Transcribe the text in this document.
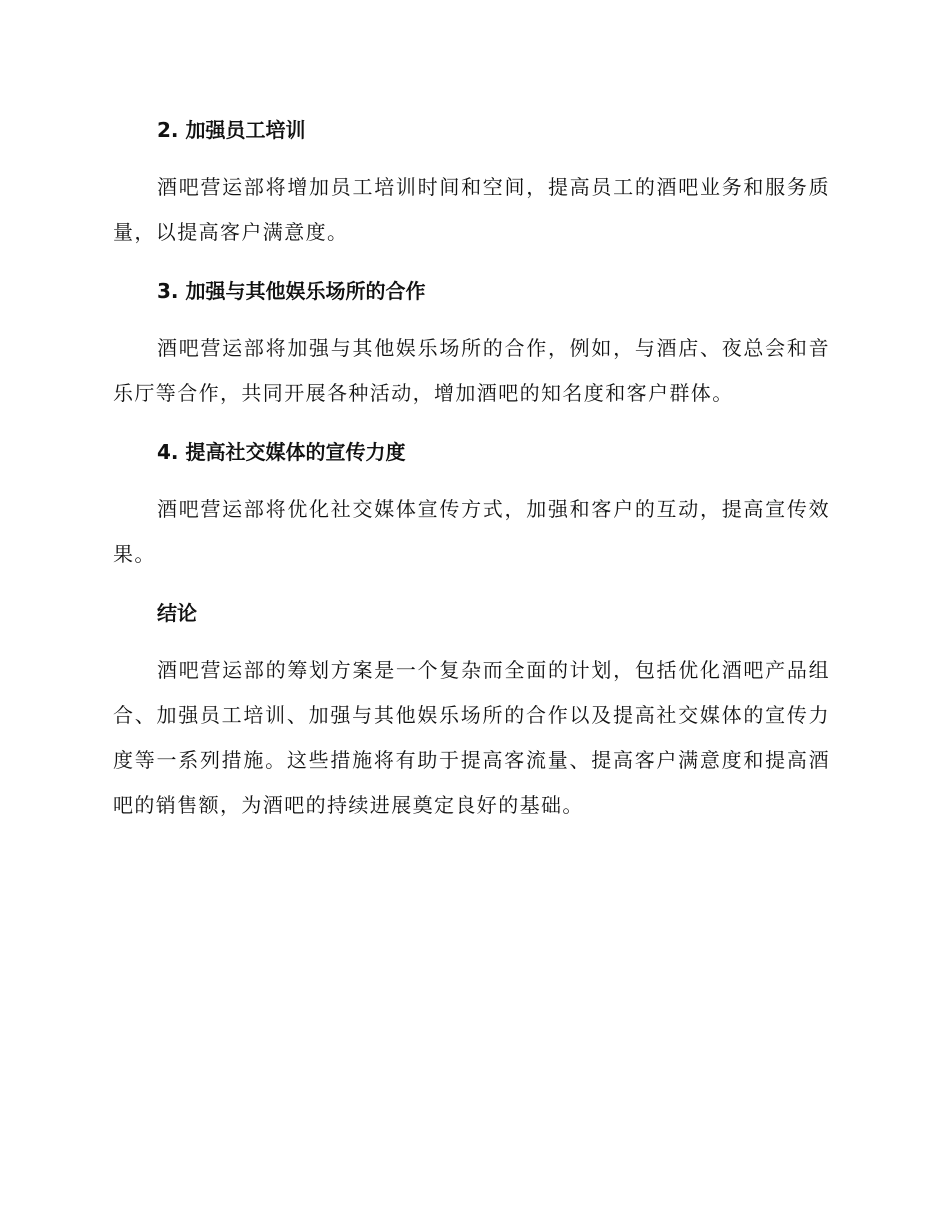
2. 加强员工培训

酒吧营运部将增加员工培训时间和空间，提高员工的酒吧业务和服务质量，以提高客户满意度。

3. 加强与其他娱乐场所的合作

酒吧营运部将加强与其他娱乐场所的合作，例如，与酒店、夜总会和音乐厅等合作，共同开展各种活动，增加酒吧的知名度和客户群体。

4. 提高社交媒体的宣传力度

酒吧营运部将优化社交媒体宣传方式，加强和客户的互动，提高宣传效果。

结论

酒吧营运部的筹划方案是一个复杂而全面的计划，包括优化酒吧产品组合、加强员工培训、加强与其他娱乐场所的合作以及提高社交媒体的宣传力度等一系列措施。这些措施将有助于提高客流量、提高客户满意度和提高酒吧的销售额，为酒吧的持续进展奠定良好的基础。
